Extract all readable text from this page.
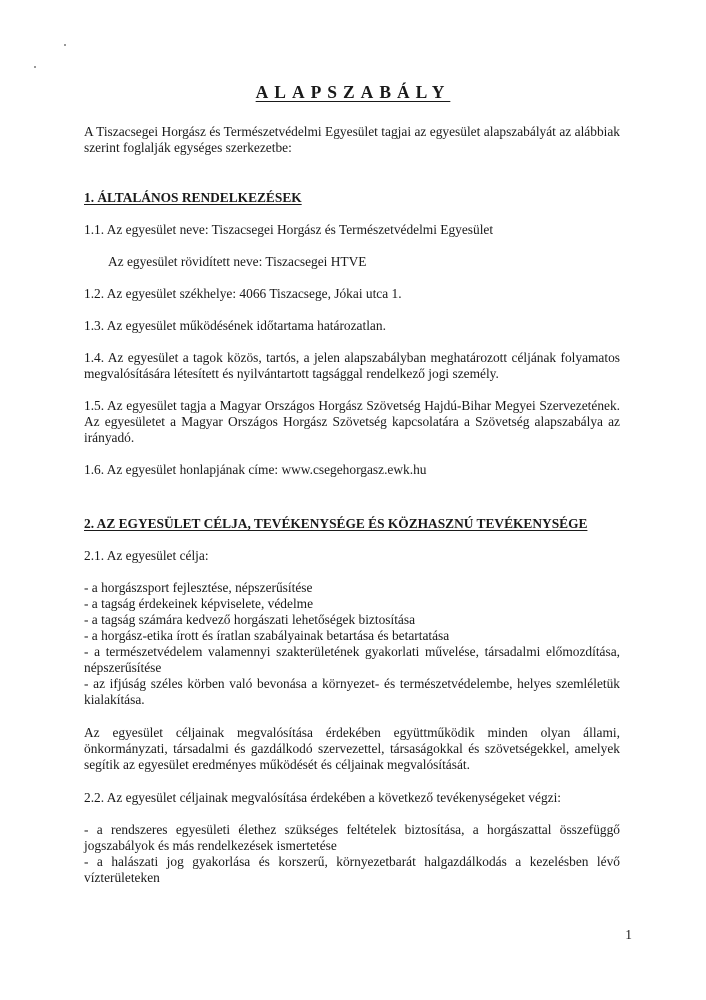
ALAPSZABÁLY

A Tiszacsegei Horgász és Természetvédelmi Egyesület tagjai az egyesület alapszabályát az alábbiak szerint foglalják egységes szerkezetbe:

1. ÁLTALÁNOS RENDELKEZÉSEK

1.1. Az egyesület neve: Tiszacsegei Horgász és Természetvédelmi Egyesület

Az egyesület rövidített neve: Tiszacsegei HTVE

1.2. Az egyesület székhelye: 4066 Tiszacsege, Jókai utca 1.

1.3. Az egyesület működésének időtartama határozatlan.

1.4. Az egyesület a tagok közös, tartós, a jelen alapszabályban meghatározott céljának folyamatos megvalósítására létesített és nyilvántartott tagsággal rendelkező jogi személy.

1.5. Az egyesület tagja a Magyar Országos Horgász Szövetség Hajdú-Bihar Megyei Szervezetének. Az egyesületet a Magyar Országos Horgász Szövetség kapcsolatára a Szövetség alapszabálya az irányadó.

1.6. Az egyesület honlapjának címe: www.csegehorgasz.ewk.hu

2. AZ EGYESÜLET CÉLJA, TEVÉKENYSÉGE ÉS KÖZHASZNÚ TEVÉKENYSÉGE

2.1. Az egyesület célja:

- a horgászsport fejlesztése, népszerűsítése
- a tagság érdekeinek képviselete, védelme
- a tagság számára kedvező horgászati lehetőségek biztosítása
- a horgász-etika írott és íratlan szabályainak betartása és betartatása
- a természetvédelem valamennyi szakterületének gyakorlati művelése, társadalmi előmozdítása, népszerűsítése
- az ifjúság széles körben való bevonása a környezet- és természetvédelembe, helyes szemléletük kialakítása.

Az egyesület céljainak megvalósítása érdekében együttműködik minden olyan állami, önkormányzati, társadalmi és gazdálkodó szervezettel, társaságokkal és szövetségekkel, amelyek segítik az egyesület eredményes működését és céljainak megvalósítását.

2.2. Az egyesület céljainak megvalósítása érdekében a következő tevékenységeket végzi:

- a rendszeres egyesületi élethez szükséges feltételek biztosítása, a horgászattal összefüggő jogszabályok és más rendelkezések ismertetése
- a halászati jog gyakorlása és korszerű, környezetbarát halgazdálkodás a kezelésben lévő vízterületeken
1
